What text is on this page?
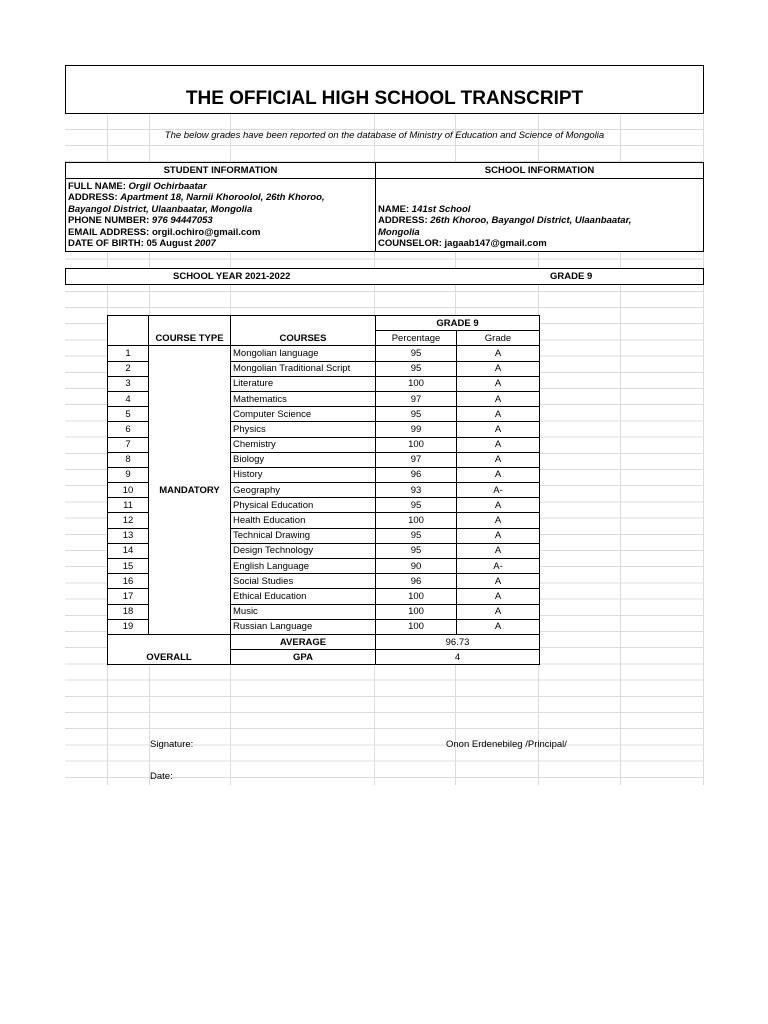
THE OFFICIAL HIGH SCHOOL TRANSCRIPT
The below grades have been reported on the database of Ministry of Education and Science of Mongolia
STUDENT INFORMATION	SCHOOL INFORMATION
FULL NAME: Orgil Ochirbaatar
ADDRESS: Apartment 18, Narnii Khoroolol, 26th Khoroo,
Bayangol District, Ulaanbaatar, Mongolia
PHONE NUMBER: 976 94447053
EMAIL ADDRESS: orgil.ochiro@gmail.com
DATE OF BIRTH: 05 August 2007
NAME: 141st School
ADDRESS: 26th Khoroo, Bayangol District, Ulaanbaatar,
Mongolia
COUNSELOR: jagaab147@gmail.com
SCHOOL YEAR 2021-2022	GRADE 9
	COURSE TYPE	COURSES	GRADE 9	
			Percentage	Grade
1	MANDATORY	Mongolian language	95	A
2		Mongolian Traditional Script	95	A
3		Literature	100	A
4		Mathematics	97	A
5		Computer Science	95	A
6		Physics	99	A
7		Chemistry	100	A
8		Biology	97	A
9		History	96	A
10		Geography	93	A-
11		Physical Education	95	A
12		Health Education	100	A
13		Technical Drawing	95	A
14		Design Technology	95	A
15		English Language	90	A-
16		Social Studies	96	A
17		Ethical Education	100	A
18		Music	100	A
19		Russian Language	100	A
OVERALL		AVERAGE	96.73	
		GPA	4	
Signature:	Onon Erdenebileg /Principal/
Date:
